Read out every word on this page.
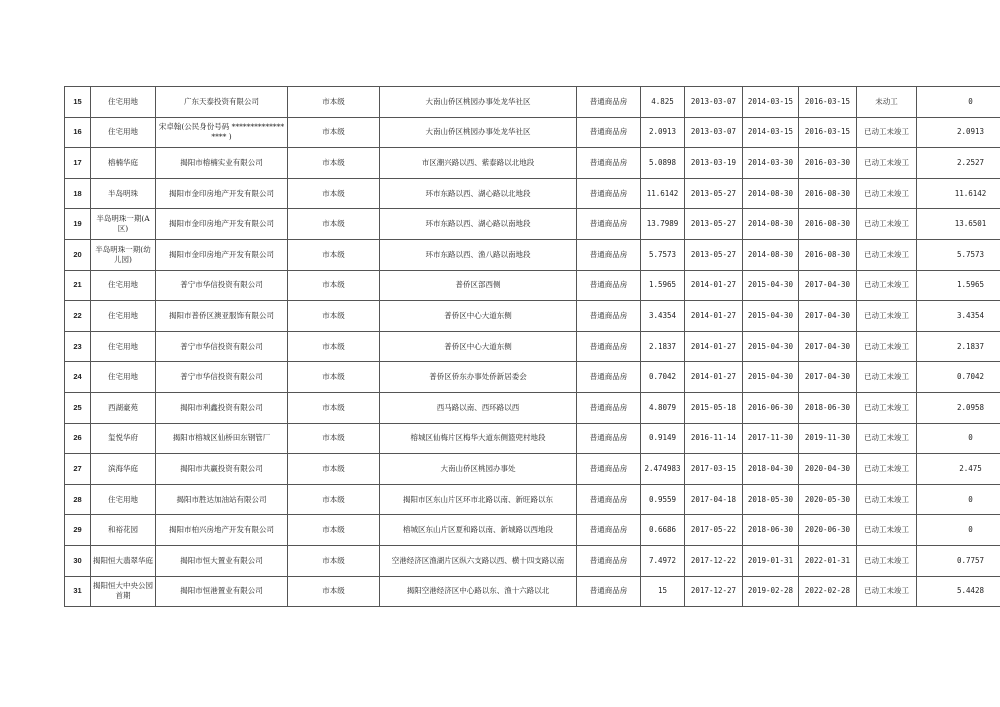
15	住宅用地	广东天泰投资有限公司	市本级	大南山侨区桃园办事处龙华社区	普通商品房	4.825	2013-03-07	2014-03-15	2016-03-15	未动工	0
16	住宅用地	宋卓翰(公民身份号码 ****************** )	市本级	大南山侨区桃园办事处龙华社区	普通商品房	2.0913	2013-03-07	2014-03-15	2016-03-15	已动工未竣工	2.0913
17	榕楠华庭	揭阳市榕楠实业有限公司	市本级	市区潮兴路以西、紫泰路以北地段	普通商品房	5.0898	2013-03-19	2014-03-30	2016-03-30	已动工未竣工	2.2527
18	半岛明珠	揭阳市金印房地产开发有限公司	市本级	环市东路以西、湖心路以北地段	普通商品房	11.6142	2013-05-27	2014-08-30	2016-08-30	已动工未竣工	11.6142
19	半岛明珠一期(A区)	揭阳市金印房地产开发有限公司	市本级	环市东路以西、湖心路以南地段	普通商品房	13.7989	2013-05-27	2014-08-30	2016-08-30	已动工未竣工	13.6501
20	半岛明珠一期(幼儿园)	揭阳市金印房地产开发有限公司	市本级	环市东路以西、渔八路以南地段	普通商品房	5.7573	2013-05-27	2014-08-30	2016-08-30	已动工未竣工	5.7573
21	住宅用地	普宁市华信投资有限公司	市本级	普侨区部西侧	普通商品房	1.5965	2014-01-27	2015-04-30	2017-04-30	已动工未竣工	1.5965
22	住宅用地	揭阳市普侨区澳亚服饰有限公司	市本级	普侨区中心大道东侧	普通商品房	3.4354	2014-01-27	2015-04-30	2017-04-30	已动工未竣工	3.4354
23	住宅用地	普宁市华信投资有限公司	市本级	普侨区中心大道东侧	普通商品房	2.1837	2014-01-27	2015-04-30	2017-04-30	已动工未竣工	2.1837
24	住宅用地	普宁市华信投资有限公司	市本级	普侨区侨东办事处侨新居委会	普通商品房	0.7042	2014-01-27	2015-04-30	2017-04-30	已动工未竣工	0.7042
25	西湖豪苑	揭阳市利鑫投资有限公司	市本级	西马路以南、西环路以西	普通商品房	4.8079	2015-05-18	2016-06-30	2018-06-30	已动工未竣工	2.0958
26	玺悦华府	揭阳市榕城区仙桥田东钢管厂	市本级	榕城区仙梅片区梅华大道东侧篮兜村地段	普通商品房	0.9149	2016-11-14	2017-11-30	2019-11-30	已动工未竣工	0
27	滨海华庭	揭阳市共赢投资有限公司	市本级	大南山侨区桃园办事处	普通商品房	2.474983	2017-03-15	2018-04-30	2020-04-30	已动工未竣工	2.475
28	住宅用地	揭阳市胜达加油站有限公司	市本级	揭阳市区东山片区环市北路以南、新旺路以东	普通商品房	0.9559	2017-04-18	2018-05-30	2020-05-30	已动工未竣工	0
29	和裕花园	揭阳市柏兴房地产开发有限公司	市本级	榕城区东山片区夏和路以南、新城路以西地段	普通商品房	0.6686	2017-05-22	2018-06-30	2020-06-30	已动工未竣工	0
30	揭阳恒大翡翠华庭	揭阳市恒大置业有限公司	市本级	空港经济区渔湖片区纵六支路以西、横十四支路以南	普通商品房	7.4972	2017-12-22	2019-01-31	2022-01-31	已动工未竣工	0.7757
31	揭阳恒大中央公园首期	揭阳市恒港置业有限公司	市本级	揭阳空港经济区中心路以东、渔十六路以北	普通商品房	15	2017-12-27	2019-02-28	2022-02-28	已动工未竣工	5.4428
